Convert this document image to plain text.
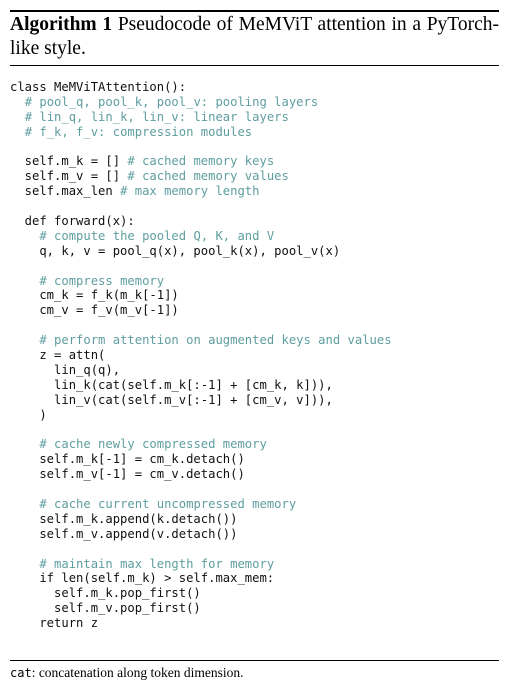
Algorithm 1 Pseudocode of MeMViT attention in a PyTorch-like style.
class MeMViTAttention():
# pool_q, pool_k, pool_v: pooling layers
# lin_q, lin_k, lin_v: linear layers
# f_k, f_v: compression modules
self.m_k = [] # cached memory keys
self.m_v = [] # cached memory values
self.max_len # max memory length
def forward(x):
# compute the pooled Q, K, and V
q, k, v = pool_q(x), pool_k(x), pool_v(x)
# compress memory
cm_k = f_k(m_k[-1])
cm_v = f_v(m_v[-1])
# perform attention on augmented keys and values
z = attn(
lin_q(q),
lin_k(cat(self.m_k[:-1] + [cm_k, k])),
lin_v(cat(self.m_v[:-1] + [cm_v, v])),
)
# cache newly compressed memory
self.m_k[-1] = cm_k.detach()
self.m_v[-1] = cm_v.detach()
# cache current uncompressed memory
self.m_k.append(k.detach())
self.m_v.append(v.detach())
# maintain max length for memory
if len(self.m_k) > self.max_mem:
self.m_k.pop_first()
self.m_v.pop_first()
return z
cat: concatenation along token dimension.
